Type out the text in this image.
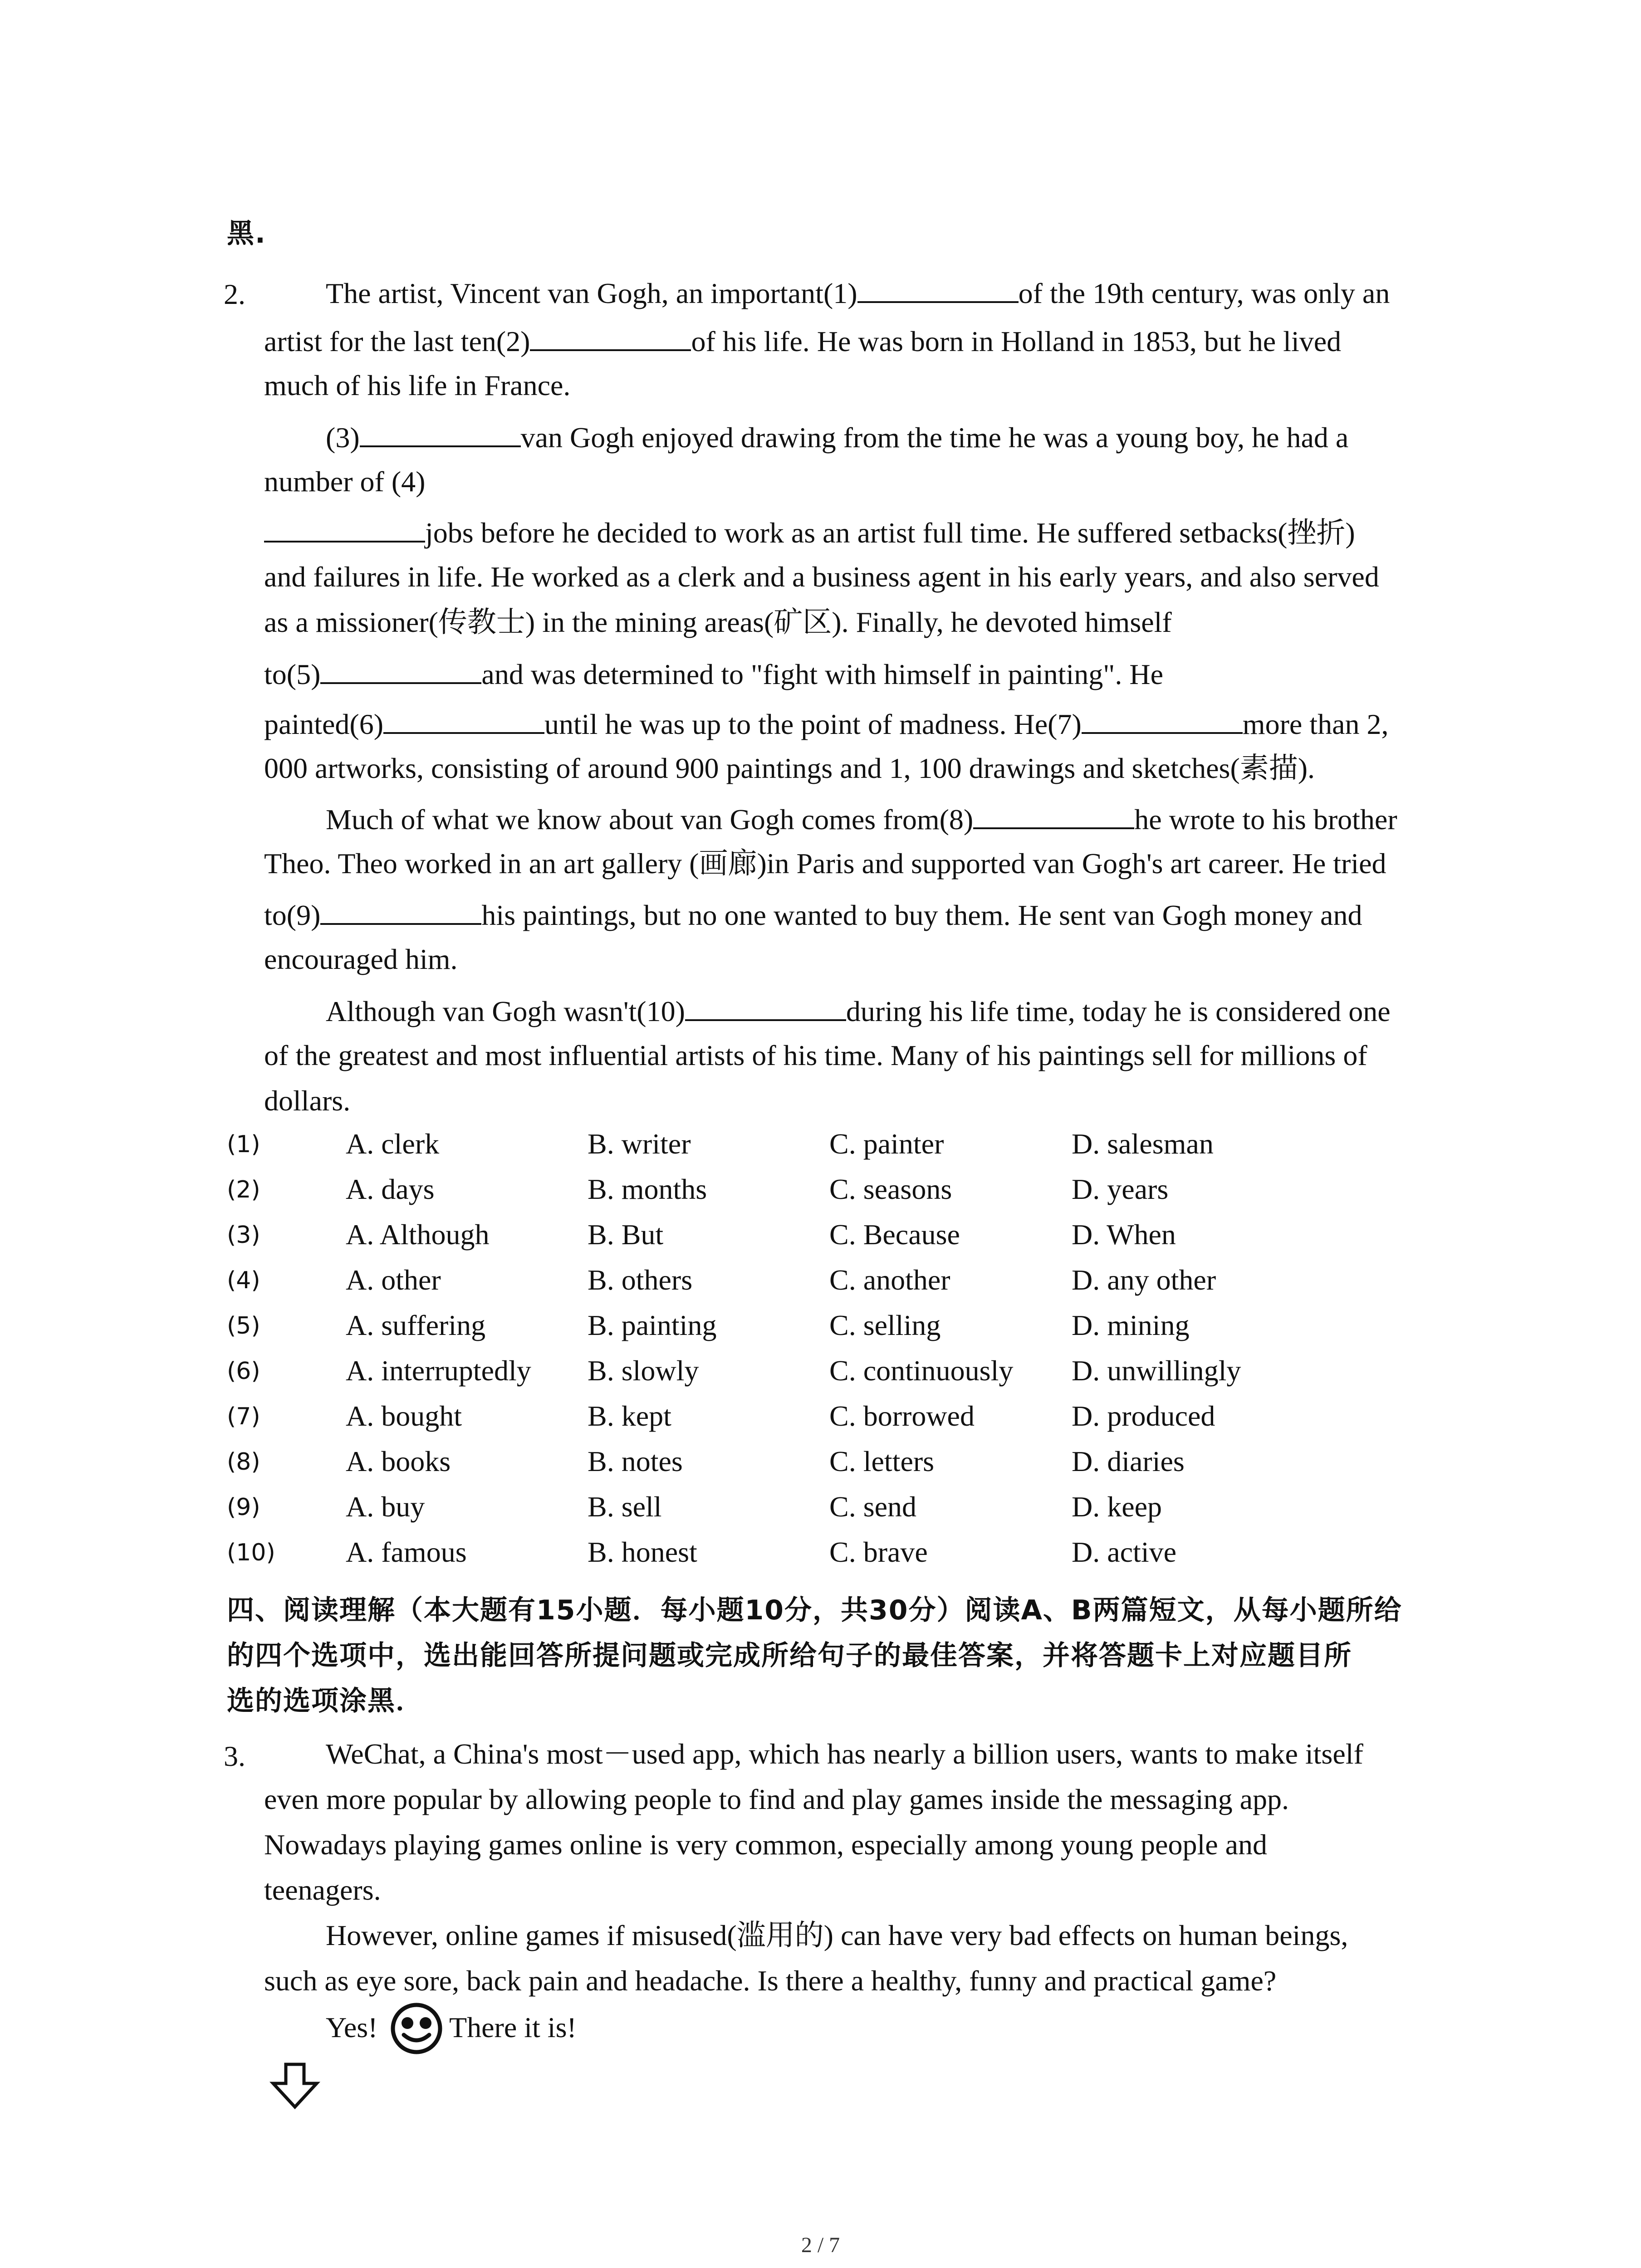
黑.
2.	The artist, Vincent van Gogh, an important(1)	of the 19th century, was only an
artist for the last ten(2)	of his life. He was born in Holland in 1853, but he lived
much of his life in France.
(3)	van Gogh enjoyed drawing from the time he was a young boy, he had a
number of (4)
jobs before he decided to work as an artist full time. He suffered setbacks(挫折)
and failures in life. He worked as a clerk and a business agent in his early years, and also served
as a missioner(传教士) in the mining areas(矿区). Finally, he devoted himself
to(5)	and was determined to "fight with himself in painting". He
painted(6)	until he was up to the point of madness. He(7)	more than 2,
000 artworks, consisting of around 900 paintings and 1, 100 drawings and sketches(素描).
Much of what we know about van Gogh comes from(8)	he wrote to his brother
Theo. Theo worked in an art gallery (画廊)in Paris and supported van Gogh's art career. He tried
to(9)	his paintings, but no one wanted to buy them. He sent van Gogh money and
encouraged him.
Although van Gogh wasn't(10)	during his life time, today he is considered one
of the greatest and most influential artists of his time. Many of his paintings sell for millions of
dollars.
(1)	A. clerk	B. writer	C. painter	D. salesman
(2)	A. days	B. months	C. seasons	D. years
(3)	A. Although	B. But	C. Because	D. When
(4)	A. other	B. others	C. another	D. any other
(5)	A. suffering	B. painting	C. selling	D. mining
(6)	A. interruptedly B. slowly	C. continuously D. unwillingly
(7)	A. bought	B. kept	C. borrowed	D. produced
(8)	A. books	B. notes	C. letters	D. diaries
(9)	A. buy	B. sell	C. send	D. keep
(10) A. famous	B. honest	C. brave	D. active
四、阅读理解（本大题有15小题．每小题10分，共30分）阅读A、B两篇短文，从每小题所给
的四个选项中，选出能回答所提问题或完成所给句子的最佳答案，并将答题卡上对应题目所
选的选项涂黑．
3.	WeChat, a China's most－used app, which has nearly a billion users, wants to make itself
even more popular by allowing people to find and play games inside the messaging app.
Nowadays playing games online is very common, especially among young people and
teenagers.
However, online games if misused(滥用的) can have very bad effects on human beings,
such as eye sore, back pain and headache. Is there a healthy, funny and practical game?
Yes! There it is!
2 / 7
